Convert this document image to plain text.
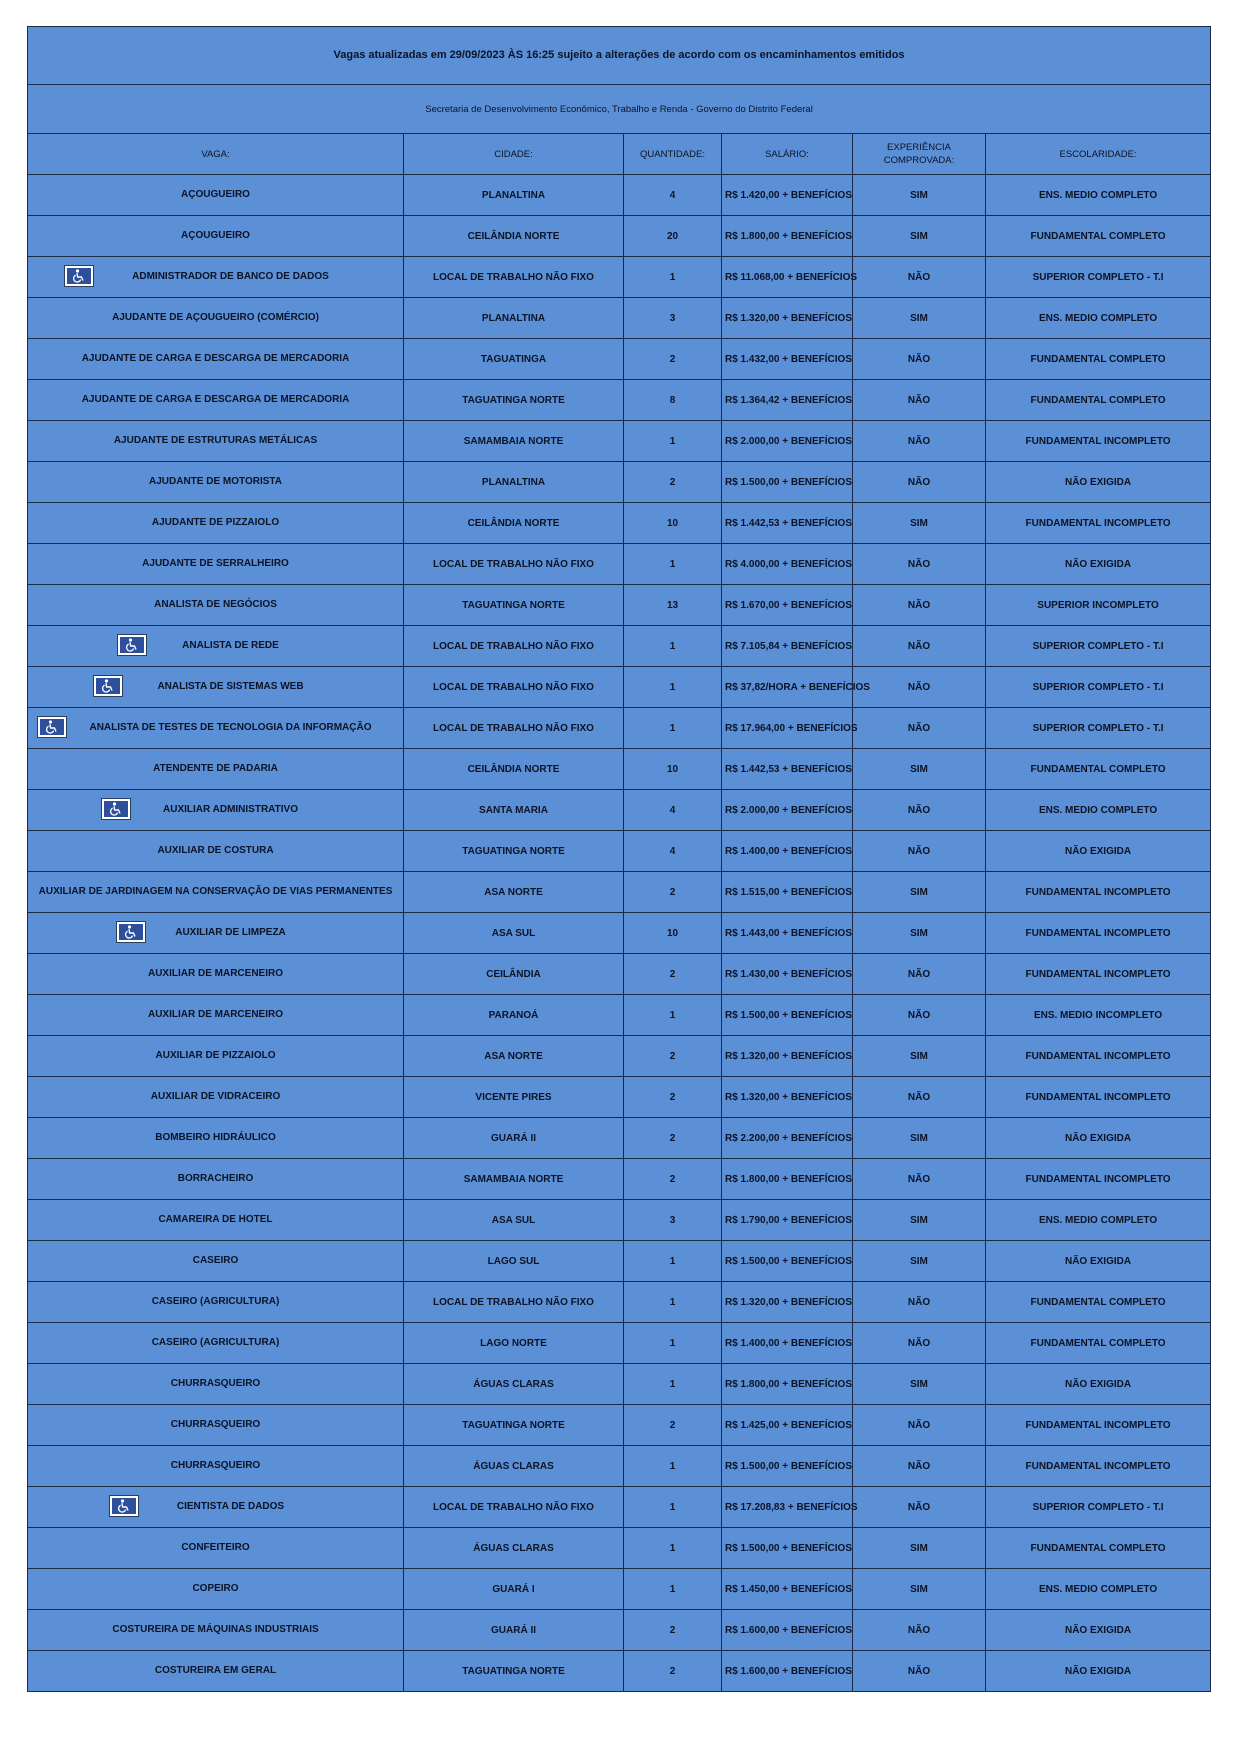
Vagas atualizadas em 29/09/2023 ÀS 16:25 sujeito a alterações de acordo com os encaminhamentos emitidos					
Secretaria de Desenvolvimento Econômico, Trabalho e Renda - Governo do Distrito Federal					
VAGA:	CIDADE:	QUANTIDADE:	SALÁRIO:	EXPERIÊNCIA COMPROVADA:	ESCOLARIDADE:

AÇOUGUEIRO	PLANALTINA	4	R$ 1.420,00 + BENEFÍCIOS	SIM	ENS. MEDIO COMPLETO

AÇOUGUEIRO	CEILÂNDIA NORTE	20	R$ 1.800,00 + BENEFÍCIOS	SIM	FUNDAMENTAL COMPLETO

ADMINISTRADOR DE BANCO DE DADOS	LOCAL DE TRABALHO NÃO FIXO	1	R$ 11.068,00 + BENEFÍCIOS	NÃO	SUPERIOR COMPLETO - T.I

AJUDANTE DE AÇOUGUEIRO (COMÉRCIO)	PLANALTINA	3	R$ 1.320,00 + BENEFÍCIOS	SIM	ENS. MEDIO COMPLETO

AJUDANTE DE CARGA E DESCARGA DE MERCADORIA	TAGUATINGA	2	R$ 1.432,00 + BENEFÍCIOS	NÃO	FUNDAMENTAL COMPLETO

AJUDANTE DE CARGA E DESCARGA DE MERCADORIA	TAGUATINGA NORTE	8	R$ 1.364,42 + BENEFÍCIOS	NÃO	FUNDAMENTAL COMPLETO

AJUDANTE DE ESTRUTURAS METÁLICAS	SAMAMBAIA NORTE	1	R$ 2.000,00 + BENEFÍCIOS	NÃO	FUNDAMENTAL INCOMPLETO

AJUDANTE DE MOTORISTA	PLANALTINA	2	R$ 1.500,00 + BENEFÍCIOS	NÃO	NÃO EXIGIDA

AJUDANTE DE PIZZAIOLO	CEILÂNDIA NORTE	10	R$ 1.442,53 + BENEFÍCIOS	SIM	FUNDAMENTAL INCOMPLETO

AJUDANTE DE SERRALHEIRO	LOCAL DE TRABALHO NÃO FIXO	1	R$ 4.000,00 + BENEFÍCIOS	NÃO	NÃO EXIGIDA

ANALISTA DE NEGÓCIOS	TAGUATINGA NORTE	13	R$ 1.670,00 + BENEFÍCIOS	NÃO	SUPERIOR INCOMPLETO

ANALISTA DE REDE	LOCAL DE TRABALHO NÃO FIXO	1	R$ 7.105,84 + BENEFÍCIOS	NÃO	SUPERIOR COMPLETO - T.I

ANALISTA DE SISTEMAS WEB	LOCAL DE TRABALHO NÃO FIXO	1	R$ 37,82/HORA + BENEFÍCIOS	NÃO	SUPERIOR COMPLETO - T.I

ANALISTA DE TESTES DE TECNOLOGIA DA INFORMAÇÃO	LOCAL DE TRABALHO NÃO FIXO	1	R$ 17.964,00 + BENEFÍCIOS	NÃO	SUPERIOR COMPLETO - T.I

ATENDENTE DE PADARIA	CEILÂNDIA NORTE	10	R$ 1.442,53 + BENEFÍCIOS	SIM	FUNDAMENTAL COMPLETO

AUXILIAR ADMINISTRATIVO	SANTA MARIA	4	R$ 2.000,00 + BENEFÍCIOS	NÃO	ENS. MEDIO COMPLETO

AUXILIAR DE COSTURA	TAGUATINGA NORTE	4	R$ 1.400,00 + BENEFÍCIOS	NÃO	NÃO EXIGIDA

AUXILIAR DE JARDINAGEM NA CONSERVAÇÃO DE VIAS PERMANENTES	ASA NORTE	2	R$ 1.515,00 + BENEFÍCIOS	SIM	FUNDAMENTAL INCOMPLETO

AUXILIAR DE LIMPEZA	ASA SUL	10	R$ 1.443,00 + BENEFÍCIOS	SIM	FUNDAMENTAL INCOMPLETO

AUXILIAR DE MARCENEIRO	CEILÂNDIA	2	R$ 1.430,00 + BENEFÍCIOS	NÃO	FUNDAMENTAL INCOMPLETO

AUXILIAR DE MARCENEIRO	PARANOÁ	1	R$ 1.500,00 + BENEFÍCIOS	NÃO	ENS. MEDIO INCOMPLETO

AUXILIAR DE PIZZAIOLO	ASA NORTE	2	R$ 1.320,00 + BENEFÍCIOS	SIM	FUNDAMENTAL INCOMPLETO

AUXILIAR DE VIDRACEIRO	VICENTE PIRES	2	R$ 1.320,00 + BENEFÍCIOS	NÃO	FUNDAMENTAL INCOMPLETO

BOMBEIRO HIDRÁULICO	GUARÁ II	2	R$ 2.200,00 + BENEFÍCIOS	SIM	NÃO EXIGIDA

BORRACHEIRO	SAMAMBAIA NORTE	2	R$ 1.800,00 + BENEFÍCIOS	NÃO	FUNDAMENTAL INCOMPLETO

CAMAREIRA DE HOTEL	ASA SUL	3	R$ 1.790,00 + BENEFÍCIOS	SIM	ENS. MEDIO COMPLETO

CASEIRO	LAGO SUL	1	R$ 1.500,00 + BENEFÍCIOS	SIM	NÃO EXIGIDA

CASEIRO (AGRICULTURA)	LOCAL DE TRABALHO NÃO FIXO	1	R$ 1.320,00 + BENEFÍCIOS	NÃO	FUNDAMENTAL COMPLETO

CASEIRO (AGRICULTURA)	LAGO NORTE	1	R$ 1.400,00 + BENEFÍCIOS	NÃO	FUNDAMENTAL COMPLETO

CHURRASQUEIRO	ÁGUAS CLARAS	1	R$ 1.800,00 + BENEFÍCIOS	SIM	NÃO EXIGIDA

CHURRASQUEIRO	TAGUATINGA NORTE	2	R$ 1.425,00 + BENEFÍCIOS	NÃO	FUNDAMENTAL INCOMPLETO

CHURRASQUEIRO	ÁGUAS CLARAS	1	R$ 1.500,00 + BENEFÍCIOS	NÃO	FUNDAMENTAL INCOMPLETO

CIENTISTA DE DADOS	LOCAL DE TRABALHO NÃO FIXO	1	R$ 17.208,83 + BENEFÍCIOS	NÃO	SUPERIOR COMPLETO - T.I

CONFEITEIRO	ÁGUAS CLARAS	1	R$ 1.500,00 + BENEFÍCIOS	SIM	FUNDAMENTAL COMPLETO

COPEIRO	GUARÁ I	1	R$ 1.450,00 + BENEFÍCIOS	SIM	ENS. MEDIO COMPLETO

COSTUREIRA DE MÁQUINAS INDUSTRIAIS	GUARÁ II	2	R$ 1.600,00 + BENEFÍCIOS	NÃO	NÃO EXIGIDA

COSTUREIRA EM GERAL	TAGUATINGA NORTE	2	R$ 1.600,00 + BENEFÍCIOS	NÃO	NÃO EXIGIDA
